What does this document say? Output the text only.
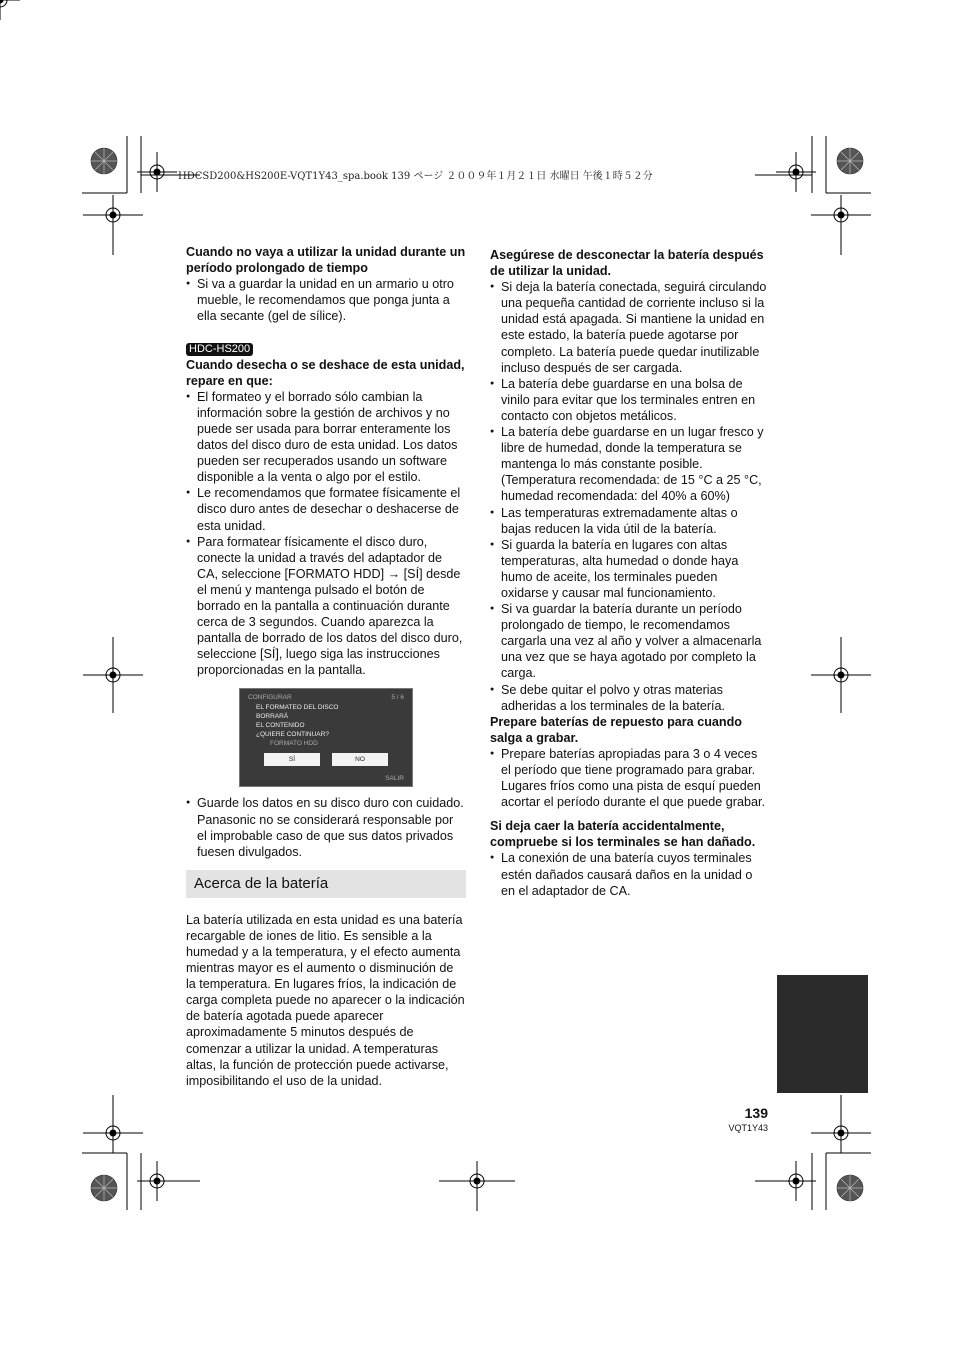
HDCSD200&HS200E-VQT1Y43_spa.book 139 ページ ２００９年１月２１日 水曜日 午後１時５２分

Cuando no vaya a utilizar la unidad durante un período prolongado de tiempo

● Si va a guardar la unidad en un armario u otro mueble, le recomendamos que ponga junta a ella secante (gel de sílice).
HDC-HS200

Cuando desecha o se deshace de esta unidad, repare en que:

● El formateo y el borrado sólo cambian la información sobre la gestión de archivos y no puede ser usada para borrar enteramente los datos del disco duro de esta unidad. Los datos pueden ser recuperados usando un software disponible a la venta o algo por el estilo.
● Le recomendamos que formatee físicamente el disco duro antes de desechar o deshacerse de esta unidad.
● Para formatear físicamente el disco duro, conecte la unidad a través del adaptador de CA, seleccione [FORMATO HDD] → [SÍ] desde el menú y mantenga pulsado el botón de borrado en la pantalla a continuación durante cerca de 3 segundos. Cuando aparezca la pantalla de borrado de los datos del disco duro, seleccione [SÍ], luego siga las instrucciones proporcionadas en la pantalla.
CONFIGURAR	5 / 6
EL FORMATEO DEL DISCO
BORRARÁ
EL CONTENIDO
¿QUIERE CONTINUAR?
FORMATO HDD
SÍ	NO
SALIR
● Guarde los datos en su disco duro con cuidado. Panasonic no se considerará responsable por el improbable caso de que sus datos privados fuesen divulgados.
Acerca de la batería

La batería utilizada en esta unidad es una batería recargable de iones de litio. Es sensible a la humedad y a la temperatura, y el efecto aumenta mientras mayor es el aumento o disminución de la temperatura. En lugares fríos, la indicación de carga completa puede no aparecer o la indicación de batería agotada puede aparecer aproximadamente 5 minutos después de comenzar a utilizar la unidad. A temperaturas altas, la función de protección puede activarse, imposibilitando el uso de la unidad.

Asegúrese de desconectar la batería después de utilizar la unidad.

● Si deja la batería conectada, seguirá circulando una pequeña cantidad de corriente incluso si la unidad está apagada. Si mantiene la unidad en este estado, la batería puede agotarse por completo. La batería puede quedar inutilizable incluso después de ser cargada.
● La batería debe guardarse en una bolsa de vinilo para evitar que los terminales entren en contacto con objetos metálicos.
● La batería debe guardarse en un lugar fresco y libre de humedad, donde la temperatura se mantenga lo más constante posible. (Temperatura recomendada: de 15 °C a 25 °C, humedad recomendada: del 40% a 60%)
● Las temperaturas extremadamente altas o bajas reducen la vida útil de la batería.
● Si guarda la batería en lugares con altas temperaturas, alta humedad o donde haya humo de aceite, los terminales pueden oxidarse y causar mal funcionamiento.
● Si va guardar la batería durante un período prolongado de tiempo, le recomendamos cargarla una vez al año y volver a almacenarla una vez que se haya agotado por completo la carga.
● Se debe quitar el polvo y otras materias adheridas a los terminales de la batería.

Prepare baterías de repuesto para cuando salga a grabar.

● Prepare baterías apropiadas para 3 o 4 veces el período que tiene programado para grabar. Lugares fríos como una pista de esquí pueden acortar el período durante el que puede grabar.

Si deja caer la batería accidentalmente, compruebe si los terminales se han dañado.

● La conexión de una batería cuyos terminales estén dañados causará daños en la unidad o en el adaptador de CA.
139
VQT1Y43
